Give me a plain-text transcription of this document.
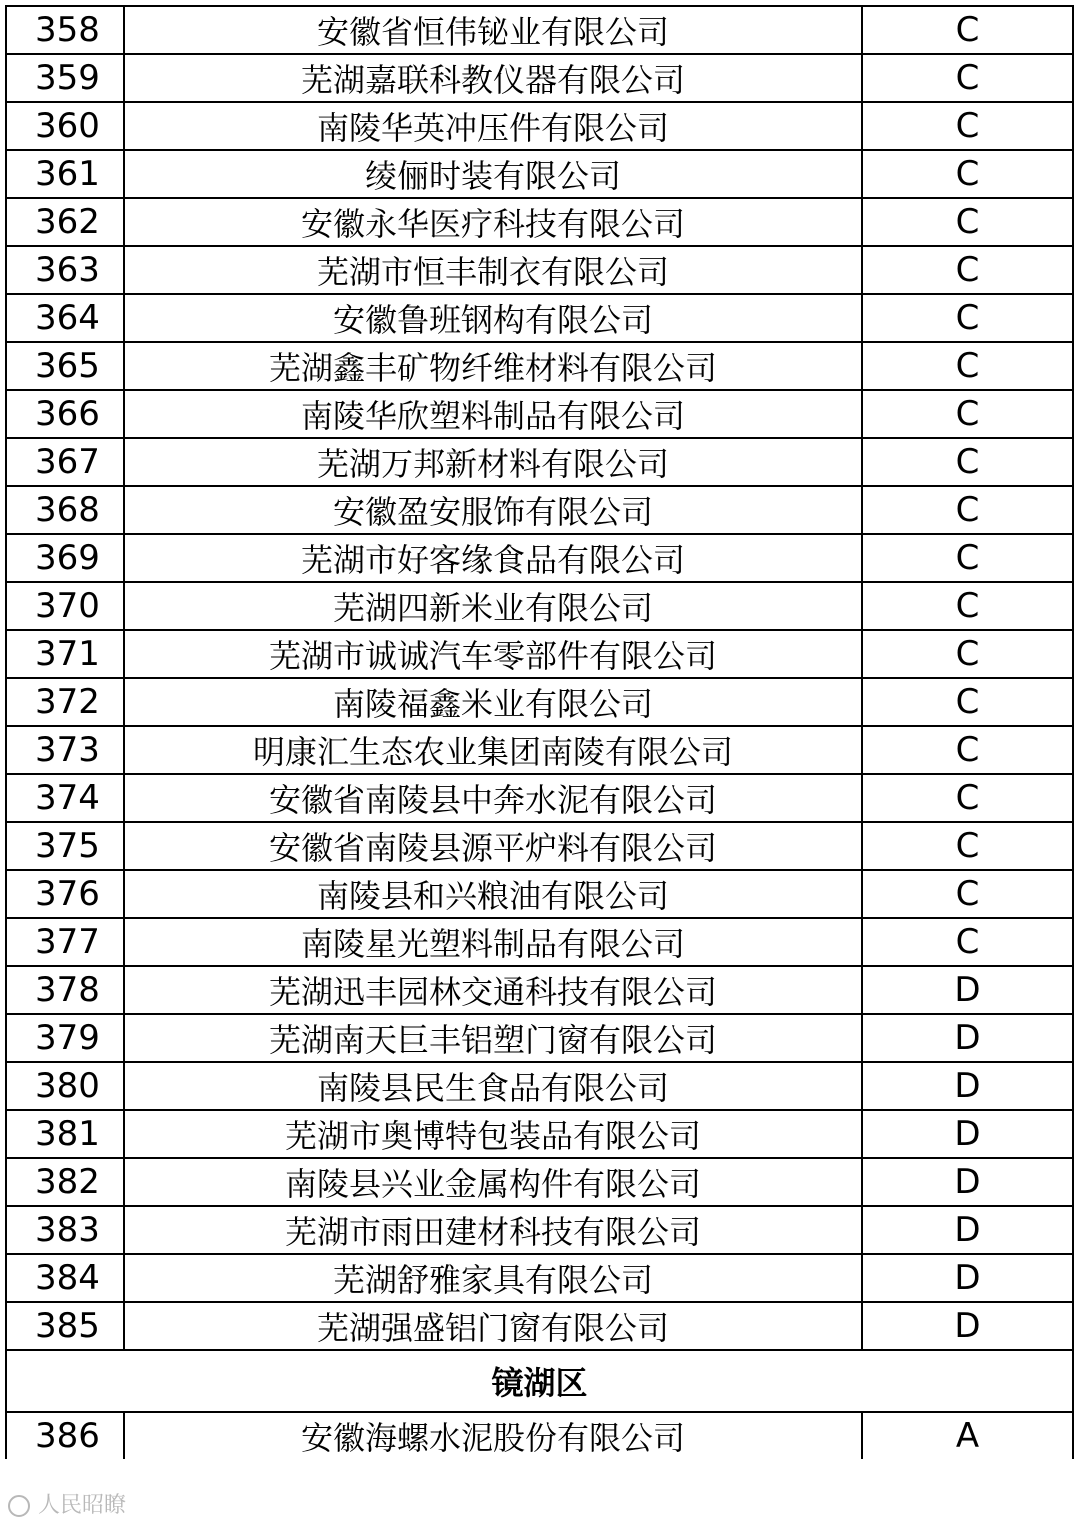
358	安徽省恒伟铋业有限公司	C
359	芜湖嘉联科教仪器有限公司	C
360	南陵华英冲压件有限公司	C
361	绫俪时装有限公司	C
362	安徽永华医疗科技有限公司	C
363	芜湖市恒丰制衣有限公司	C
364	安徽鲁班钢构有限公司	C
365	芜湖鑫丰矿物纤维材料有限公司	C
366	南陵华欣塑料制品有限公司	C
367	芜湖万邦新材料有限公司	C
368	安徽盈安服饰有限公司	C
369	芜湖市好客缘食品有限公司	C
370	芜湖四新米业有限公司	C
371	芜湖市诚诚汽车零部件有限公司	C
372	南陵福鑫米业有限公司	C
373	明康汇生态农业集团南陵有限公司	C
374	安徽省南陵县中奔水泥有限公司	C
375	安徽省南陵县源平炉料有限公司	C
376	南陵县和兴粮油有限公司	C
377	南陵星光塑料制品有限公司	C
378	芜湖迅丰园林交通科技有限公司	D
379	芜湖南天巨丰铝塑门窗有限公司	D
380	南陵县民生食品有限公司	D
381	芜湖市奥博特包装品有限公司	D
382	南陵县兴业金属构件有限公司	D
383	芜湖市雨田建材科技有限公司	D
384	芜湖舒雅家具有限公司	D
385	芜湖强盛铝门窗有限公司	D
镜湖区		
386	安徽海螺水泥股份有限公司	A
人民昭瞭
